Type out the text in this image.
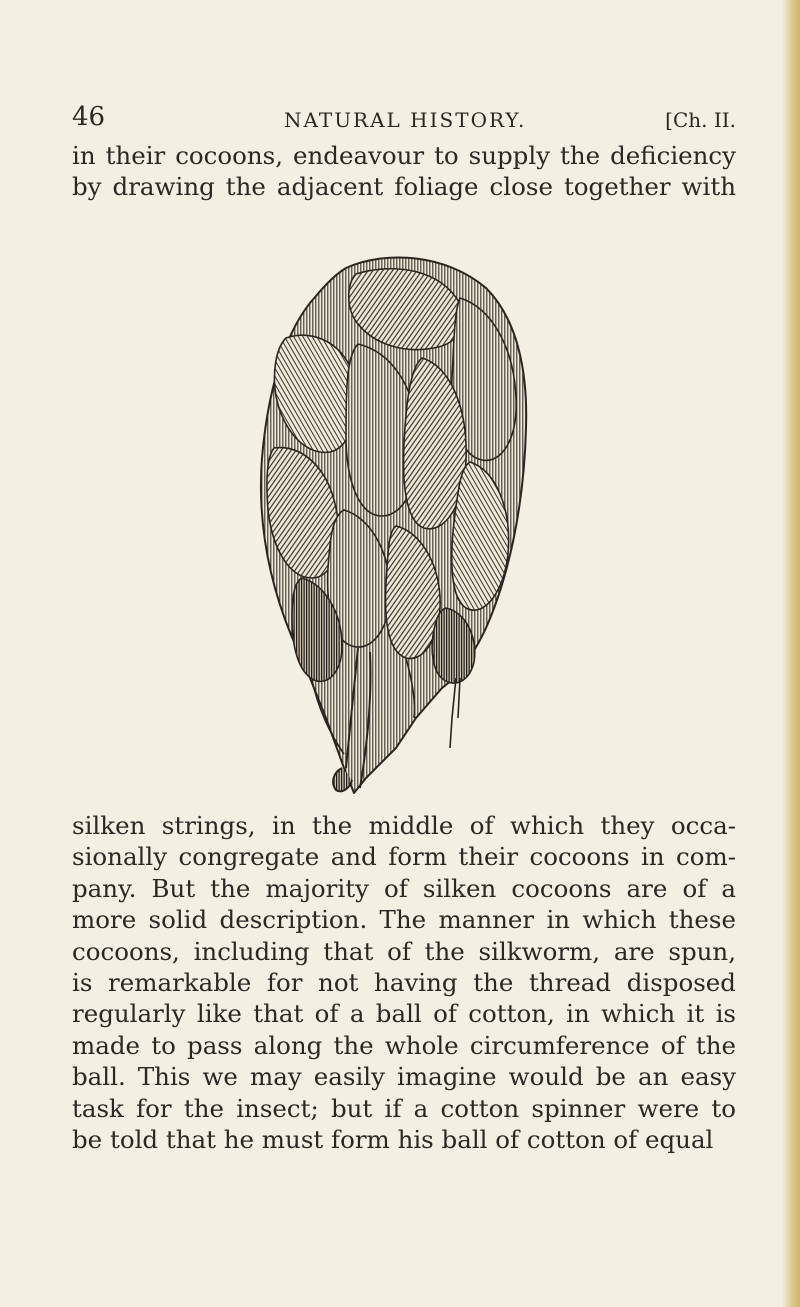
46	NATURAL HISTORY.	[Ch. II.

in their cocoons, endeavour to supply the deficiency
by drawing the adjacent foliage close together with

silken strings, in the middle of which they occa-
sionally congregate and form their cocoons in com-
pany. But the majority of silken cocoons are of a
more solid description. The manner in which these
cocoons, including that of the silkworm, are spun,
is remarkable for not having the thread disposed
regularly like that of a ball of cotton, in which it is
made to pass along the whole circumference of the
ball. This we may easily imagine would be an easy
task for the insect; but if a cotton spinner were to
be told that he must form his ball of cotton of equal
